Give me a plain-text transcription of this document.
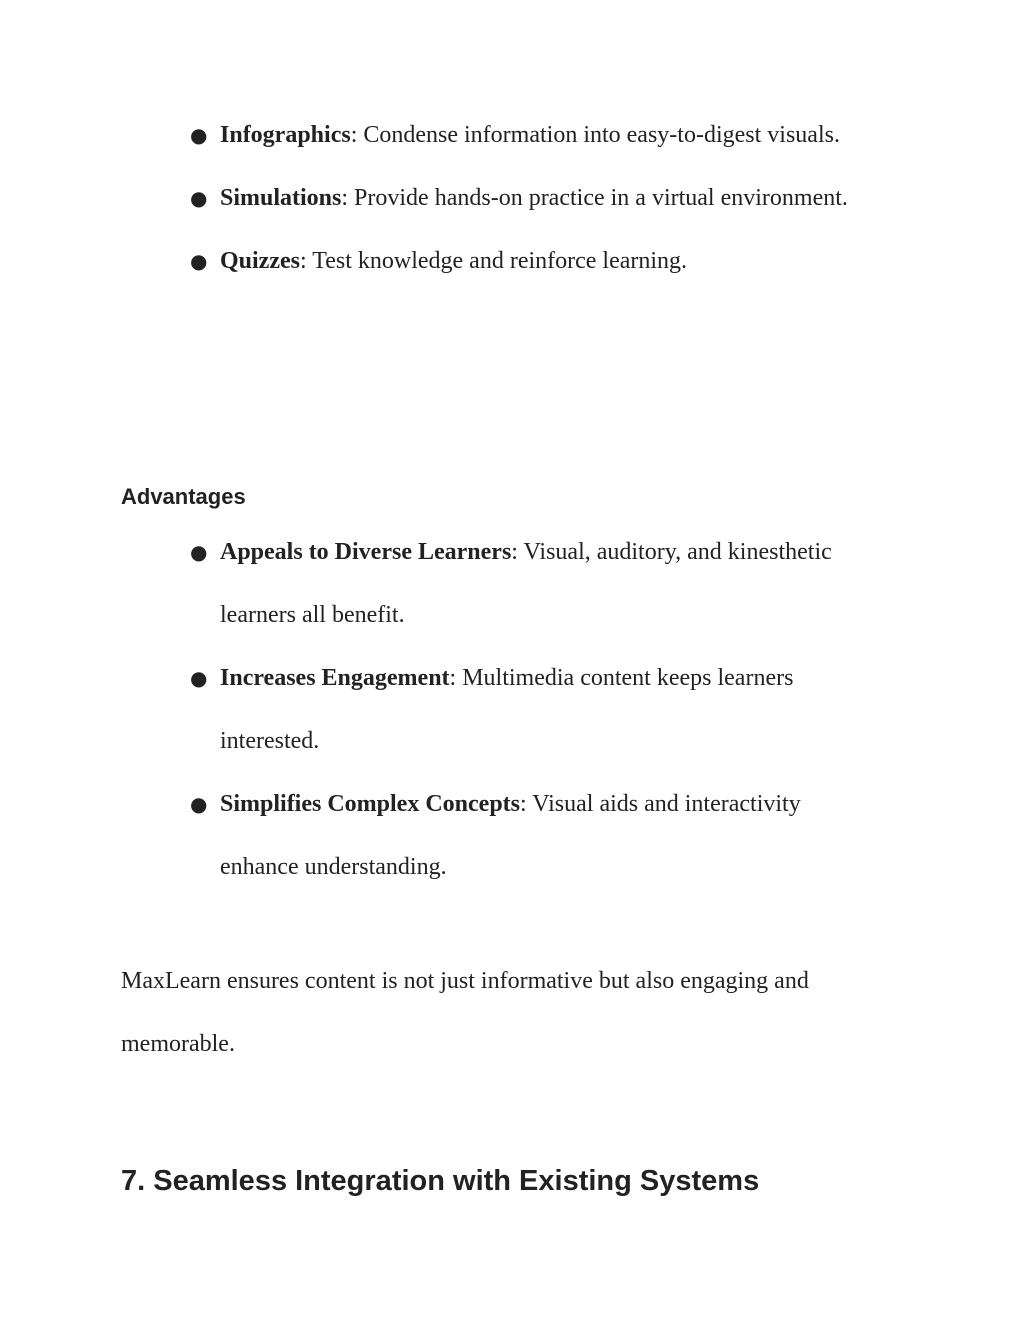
● Infographics: Condense information into easy-to-digest visuals.
● Simulations: Provide hands-on practice in a virtual environment.
● Quizzes: Test knowledge and reinforce learning.
Advantages
● Appeals to Diverse Learners: Visual, auditory, and kinesthetic learners all benefit.
● Increases Engagement: Multimedia content keeps learners interested.
● Simplifies Complex Concepts: Visual aids and interactivity enhance understanding.

MaxLearn ensures content is not just informative but also engaging and memorable.

7. Seamless Integration with Existing Systems
